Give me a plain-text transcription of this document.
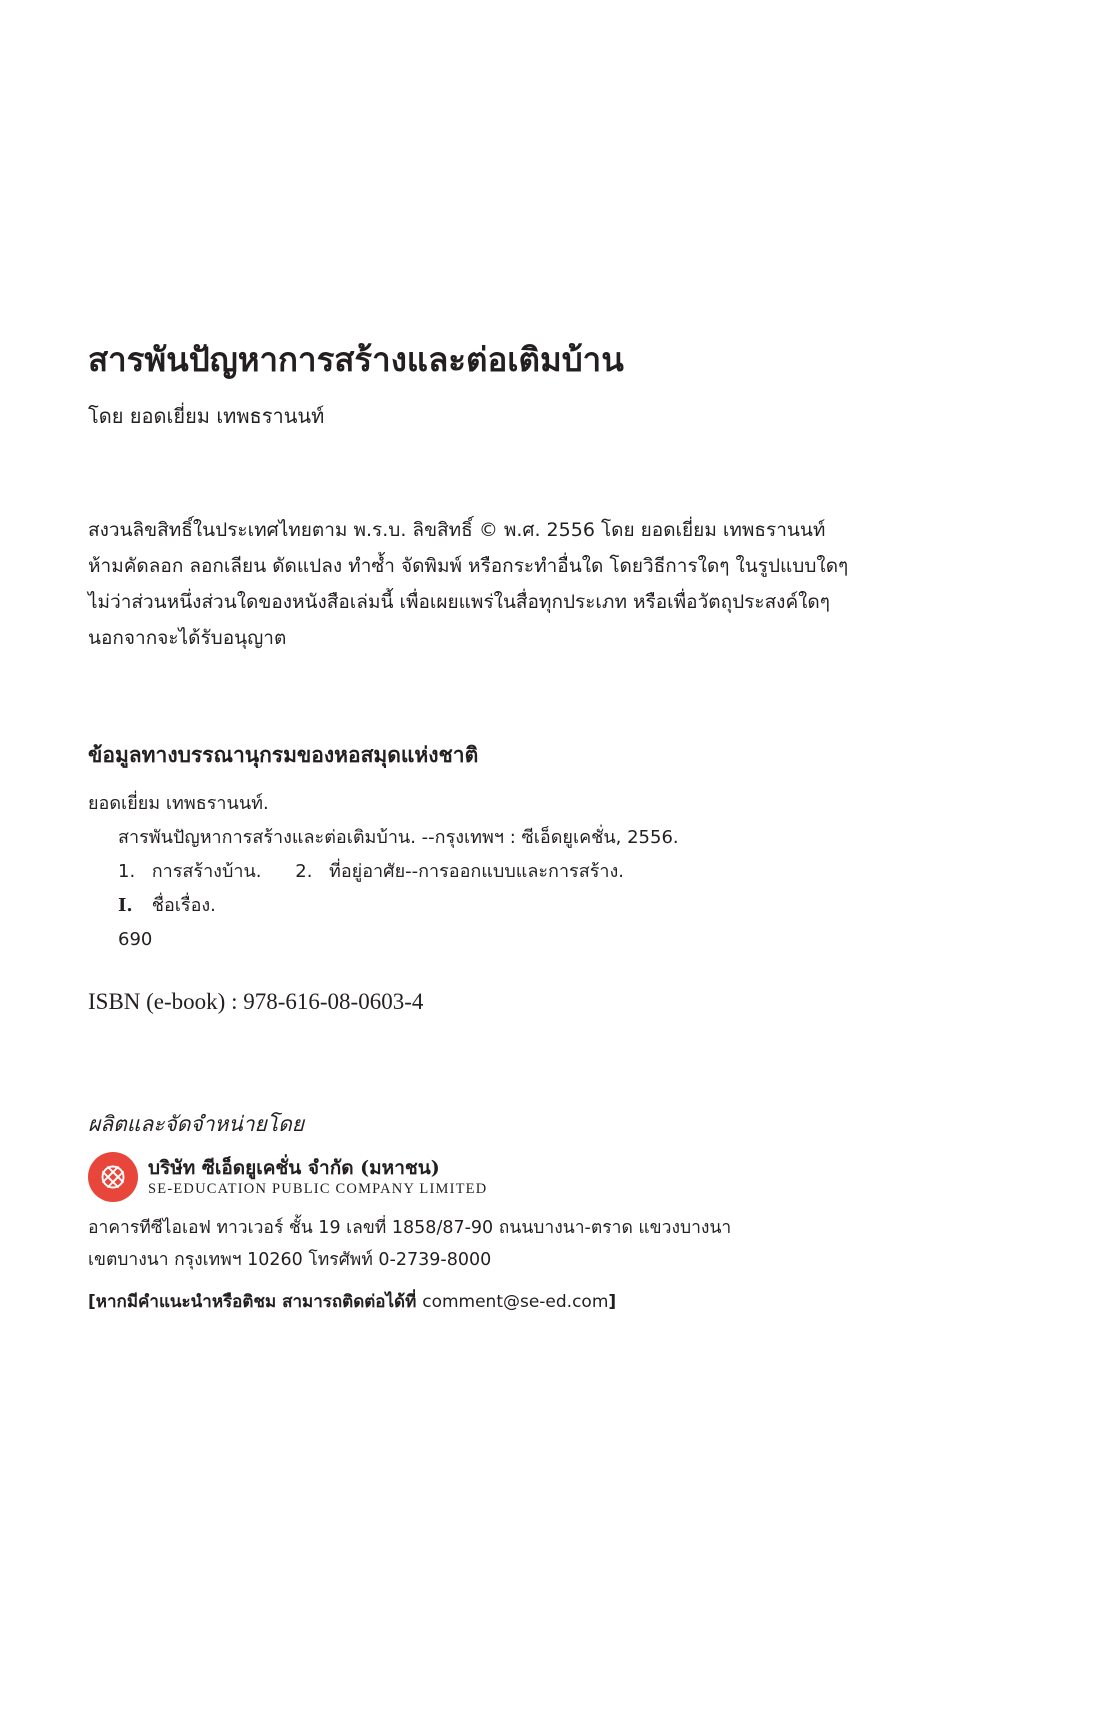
สารพันปัญหาการสร้างและต่อเติมบ้าน
โดย ยอดเยี่ยม เทพธรานนท์
สงวนลิขสิทธิ์ในประเทศไทยตาม พ.ร.บ. ลิขสิทธิ์ © พ.ศ. 2556 โดย ยอดเยี่ยม เทพธรานนท์
ห้ามคัดลอก ลอกเลียน ดัดแปลง ทำซ้ำ จัดพิมพ์ หรือกระทำอื่นใด โดยวิธีการใดๆ ในรูปแบบใดๆ
ไม่ว่าส่วนหนึ่งส่วนใดของหนังสือเล่มนี้ เพื่อเผยแพร่ในสื่อทุกประเภท หรือเพื่อวัตถุประสงค์ใดๆ
นอกจากจะได้รับอนุญาต
ข้อมูลทางบรรณานุกรมของหอสมุดแห่งชาติ
ยอดเยี่ยม เทพธรานนท์.
สารพันปัญหาการสร้างและต่อเติมบ้าน. --กรุงเทพฯ : ซีเอ็ดยูเคชั่น, 2556.
1. การสร้างบ้าน. 2. ที่อยู่อาศัย--การออกแบบและการสร้าง.
I. ชื่อเรื่อง.
690
ISBN (e-book) : 978-616-08-0603-4
ผลิตและจัดจำหน่ายโดย
บริษัท ซีเอ็ดยูเคชั่น จำกัด (มหาชน)
SE-EDUCATION PUBLIC COMPANY LIMITED
อาคารทีซีไอเอฟ ทาวเวอร์ ชั้น 19 เลขที่ 1858/87-90 ถนนบางนา-ตราด แขวงบางนา
เขตบางนา กรุงเทพฯ 10260 โทรศัพท์ 0-2739-8000
[หากมีคำแนะนำหรือติชม สามารถติดต่อได้ที่ comment@se-ed.com]
